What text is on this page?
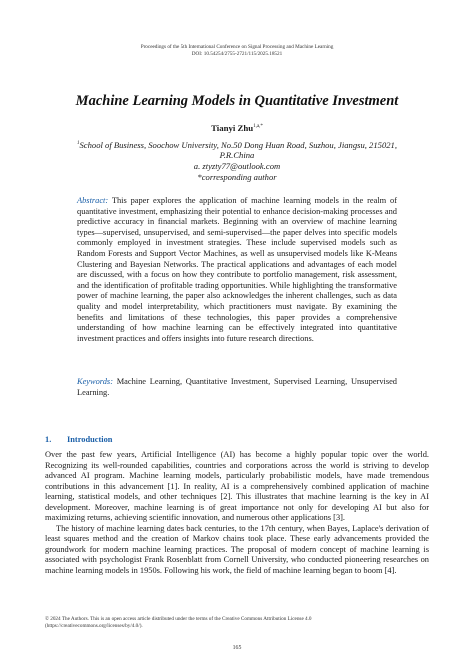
Proceedings of the 5th International Conference on Signal Processing and Machine Learning
DOI: 10.54254/2755-2721/115/2025.18521
Machine Learning Models in Quantitative Investment
Tianyi Zhu$^{1,a,*}$
$^1$School of Business, Soochow University, No.50 Dong Huan Road, Suzhou, Jiangsu, 215021,
P.R.China
a. ztyzty77@outlook.com
*corresponding author
Abstract: This paper explores the application of machine learning models in the realm of quantitative investment, emphasizing their potential to enhance decision-making processes and predictive accuracy in financial markets. Beginning with an overview of machine learning types—supervised, unsupervised, and semi-supervised—the paper delves into specific models commonly employed in investment strategies. These include supervised models such as Random Forests and Support Vector Machines, as well as unsupervised models like K-Means Clustering and Bayesian Networks. The practical applications and advantages of each model are discussed, with a focus on how they contribute to portfolio management, risk assessment, and the identification of profitable trading opportunities. While highlighting the transformative power of machine learning, the paper also acknowledges the inherent challenges, such as data quality and model interpretability, which practitioners must navigate. By examining the benefits and limitations of these technologies, this paper provides a comprehensive understanding of how machine learning can be effectively integrated into quantitative investment practices and offers insights into future research directions.
Keywords: Machine Learning, Quantitative Investment, Supervised Learning, Unsupervised Learning.
1. Introduction

Over the past few years, Artificial Intelligence (AI) has become a highly popular topic over the world. Recognizing its well-rounded capabilities, countries and corporations across the world is striving to develop advanced AI program. Machine learning models, particularly probabilistic models, have made tremendous contributions in this advancement [1]. In reality, AI is a comprehensively combined application of machine learning, statistical models, and other techniques [2]. This illustrates that machine learning is the key in AI development. Moreover, machine learning is of great importance not only for developing AI but also for maximizing returns, achieving scientific innovation, and numerous other applications [3].

The history of machine learning dates back centuries, to the 17th century, when Bayes, Laplace's derivation of least squares method and the creation of Markov chains took place. These early advancements provided the groundwork for modern machine learning practices. The proposal of modern concept of machine learning is associated with psychologist Frank Rosenblatt from Cornell University, who conducted pioneering researches on machine learning models in 1950s. Following his work, the field of machine learning began to boom [4].

© 2024 The Authors. This is an open access article distributed under the terms of the Creative Commons Attribution License 4.0
(https://creativecommons.org/licenses/by/4.0/).
165
